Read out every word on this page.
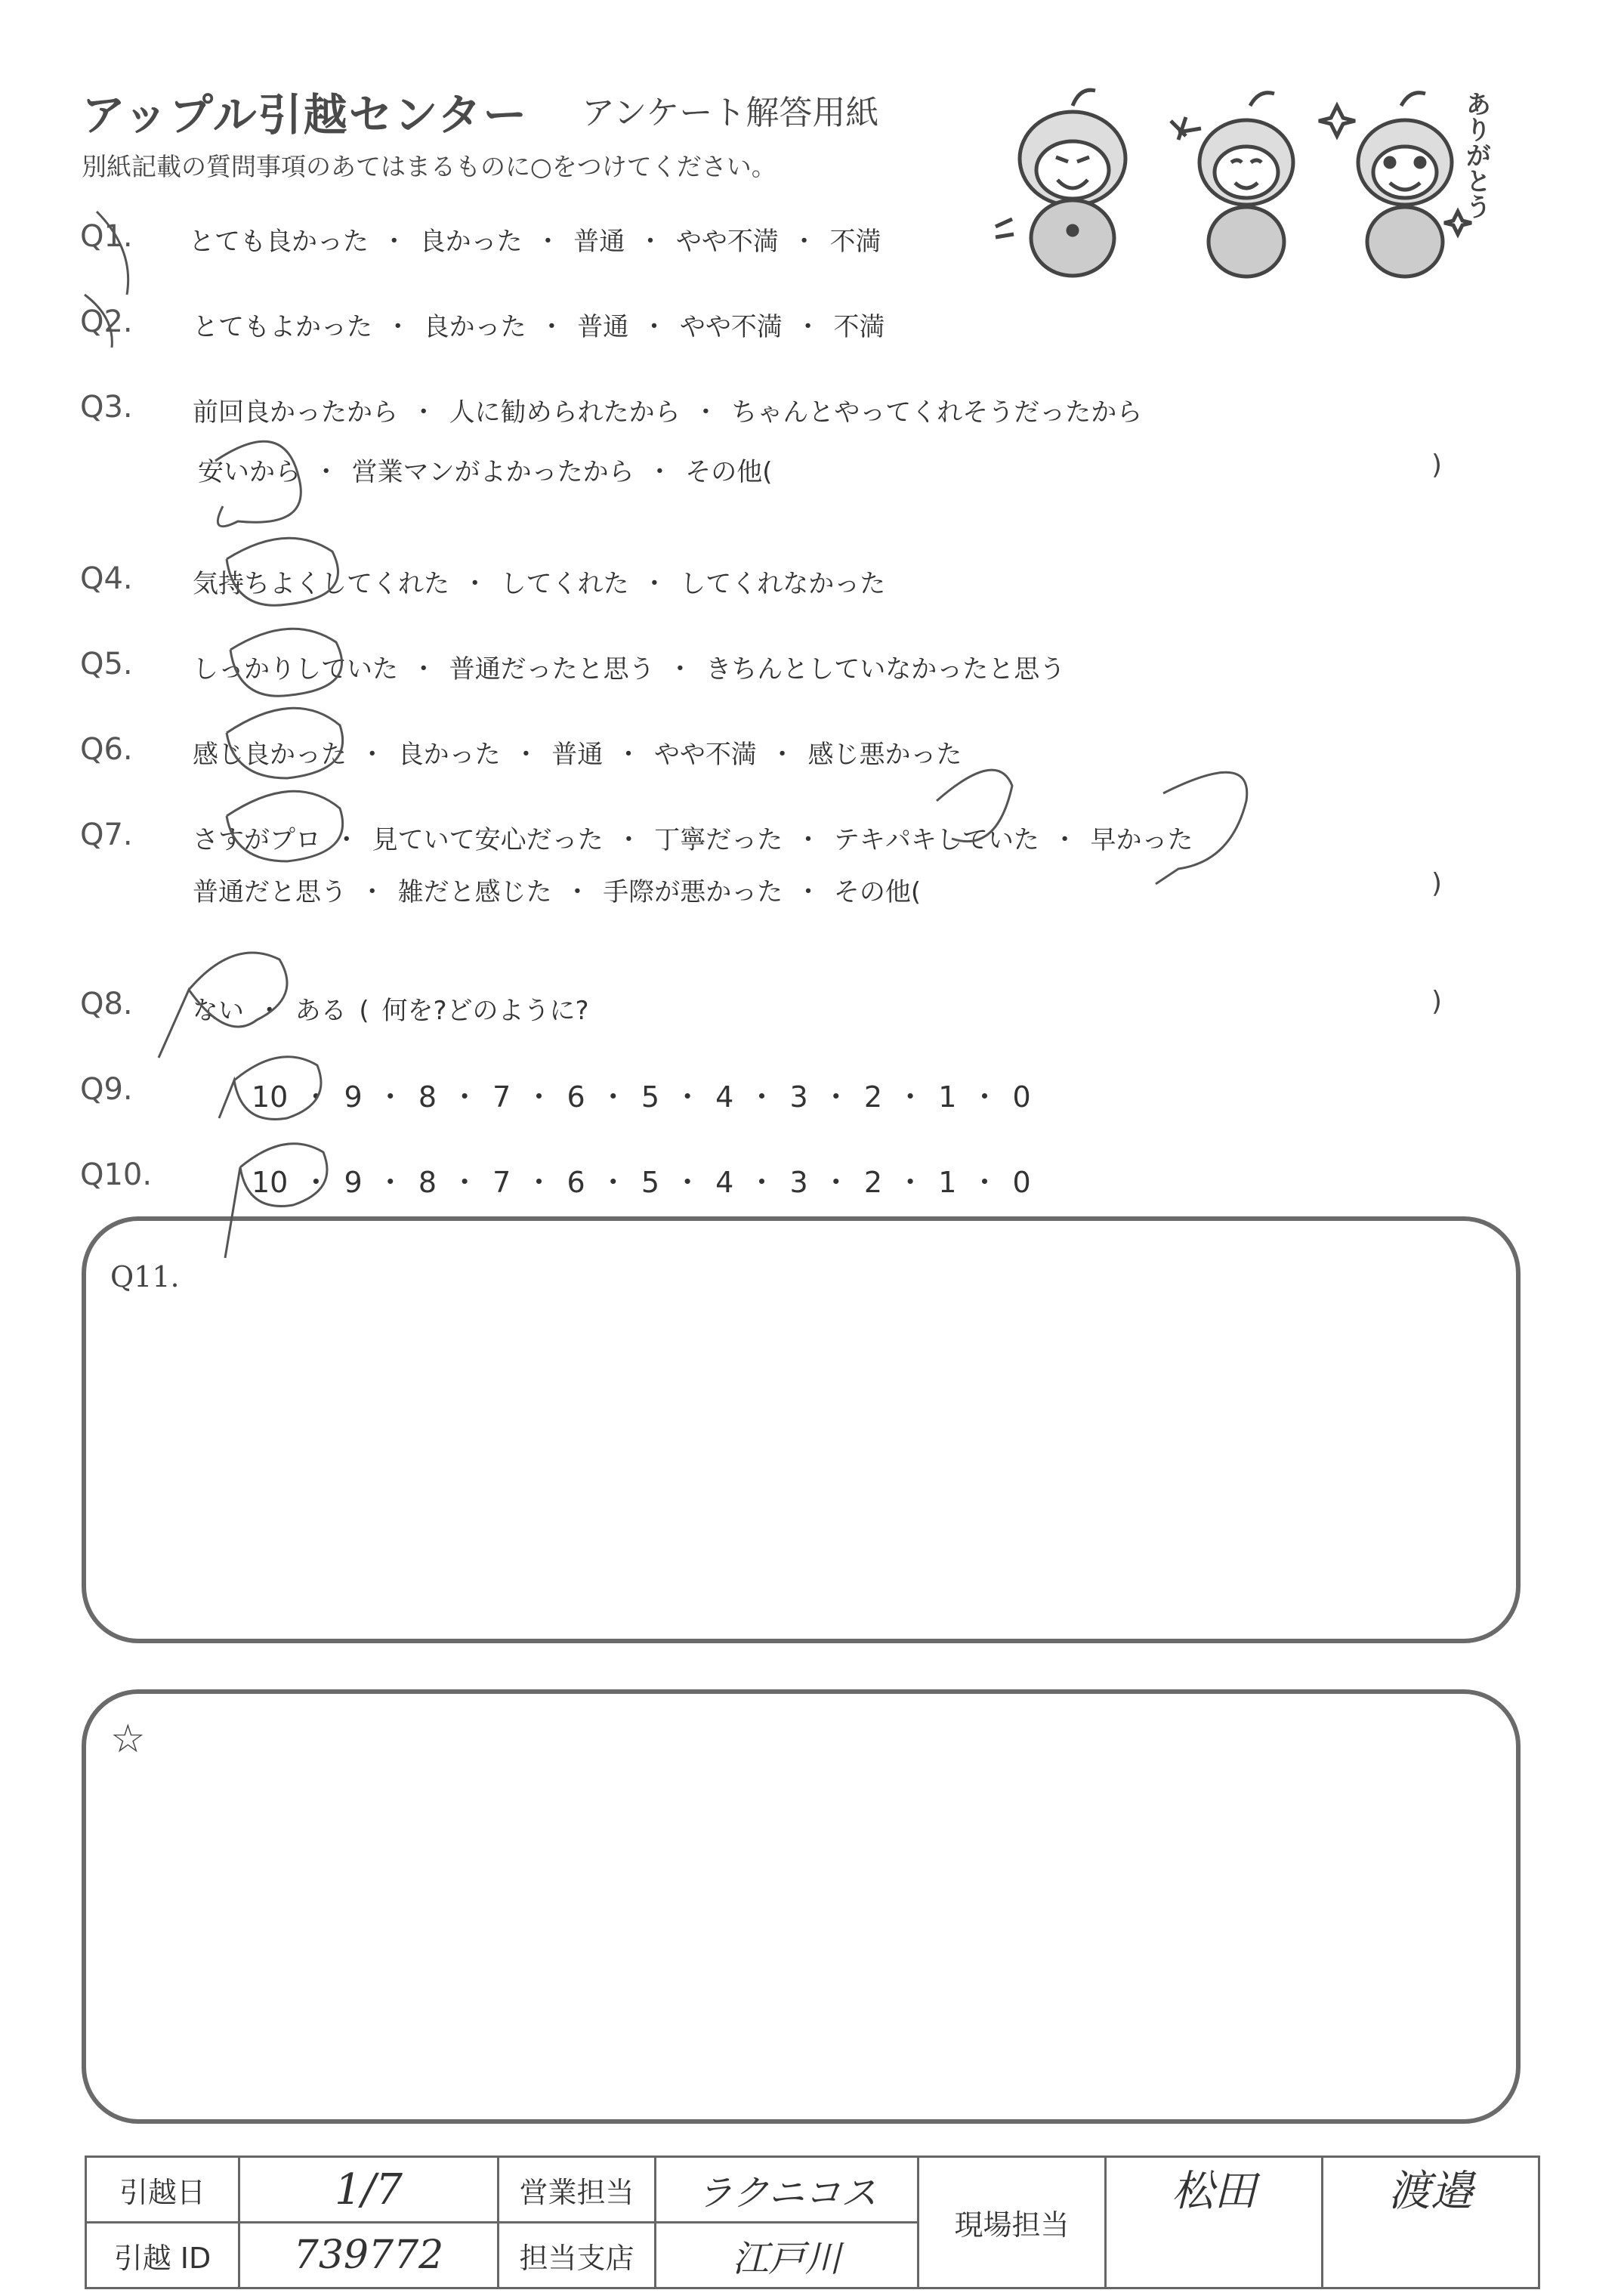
アップル引越センター アンケート解答用紙
別紙記載の質問事項のあてはまるものに○をつけてください。	ありがとう
Q1. とても良かった ・ 良かった ・ 普通 ・ やや不満 ・ 不満
Q2. とてもよかった ・ 良かった ・ 普通 ・ やや不満 ・ 不満
Q3. 前回良かったから ・ 人に勧められたから ・ ちゃんとやってくれそうだったから
安いから ・ 営業マンがよかったから ・ その他(	)
Q4. 気持ちよくしてくれた ・ してくれた ・ してくれなかった
Q5. しっかりしていた ・ 普通だったと思う ・ きちんとしていなかったと思う
Q6. 感じ良かった ・ 良かった ・ 普通 ・ やや不満 ・ 感じ悪かった
Q7. さすがプロ ・ 見ていて安心だった ・ 丁寧だった ・ テキパキしていた ・ 早かった
普通だと思う ・ 雑だと感じた ・ 手際が悪かった ・ その他(	)
Q8. ない ・ ある ( 何を?どのように?	)
Q9.	10 ・ 9 ・ 8 ・ 7 ・ 6 ・ 5 ・ 4 ・ 3 ・ 2 ・ 1 ・ 0
Q10.	10 ・ 9 ・ 8 ・ 7 ・ 6 ・ 5 ・ 4 ・ 3 ・ 2 ・ 1 ・ 0
Q11.
☆
引越日	1/7	営業担当	ラクニコス	現場担当	松田	渡邉
引越 ID	739772	担当支店	江戸川			
